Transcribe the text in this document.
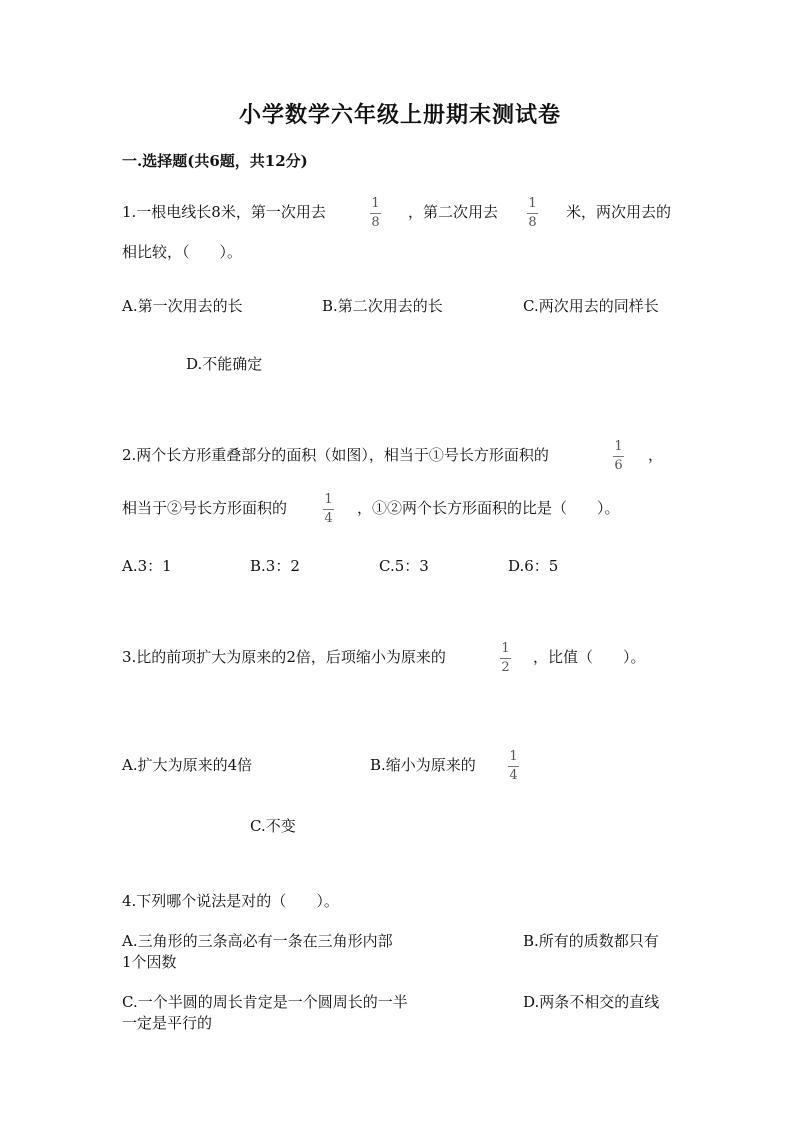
小学数学六年级上册期末测试卷
一.选择题(共6题，共12分)
1.一根电线长8米，第一次用去	1
8
，第二次用去 1
8
米，两次用去的
相比较，（　　）。
A.第一次用去的长	B.第二次用去的长	C.两次用去的同样长
D.不能确定
2.两个长方形重叠部分的面积（如图），相当于①号长方形面积的	1
6
，
相当于②号长方形面积的	1
4
，①②两个长方形面积的比是（　　）。
A.3：1	B.3：2	C.5：3	D.6：5
3.比的前项扩大为原来的2倍，后项缩小为原来的	1
2
，比值（　　）。
A.扩大为原来的4倍	B.缩小为原来的	1
4
C.不变
4.下列哪个说法是对的（　　）。
A.三角形的三条高必有一条在三角形内部	B.所有的质数都只有
1个因数
C.一个半圆的周长肯定是一个圆周长的一半	D.两条不相交的直线
一定是平行的
